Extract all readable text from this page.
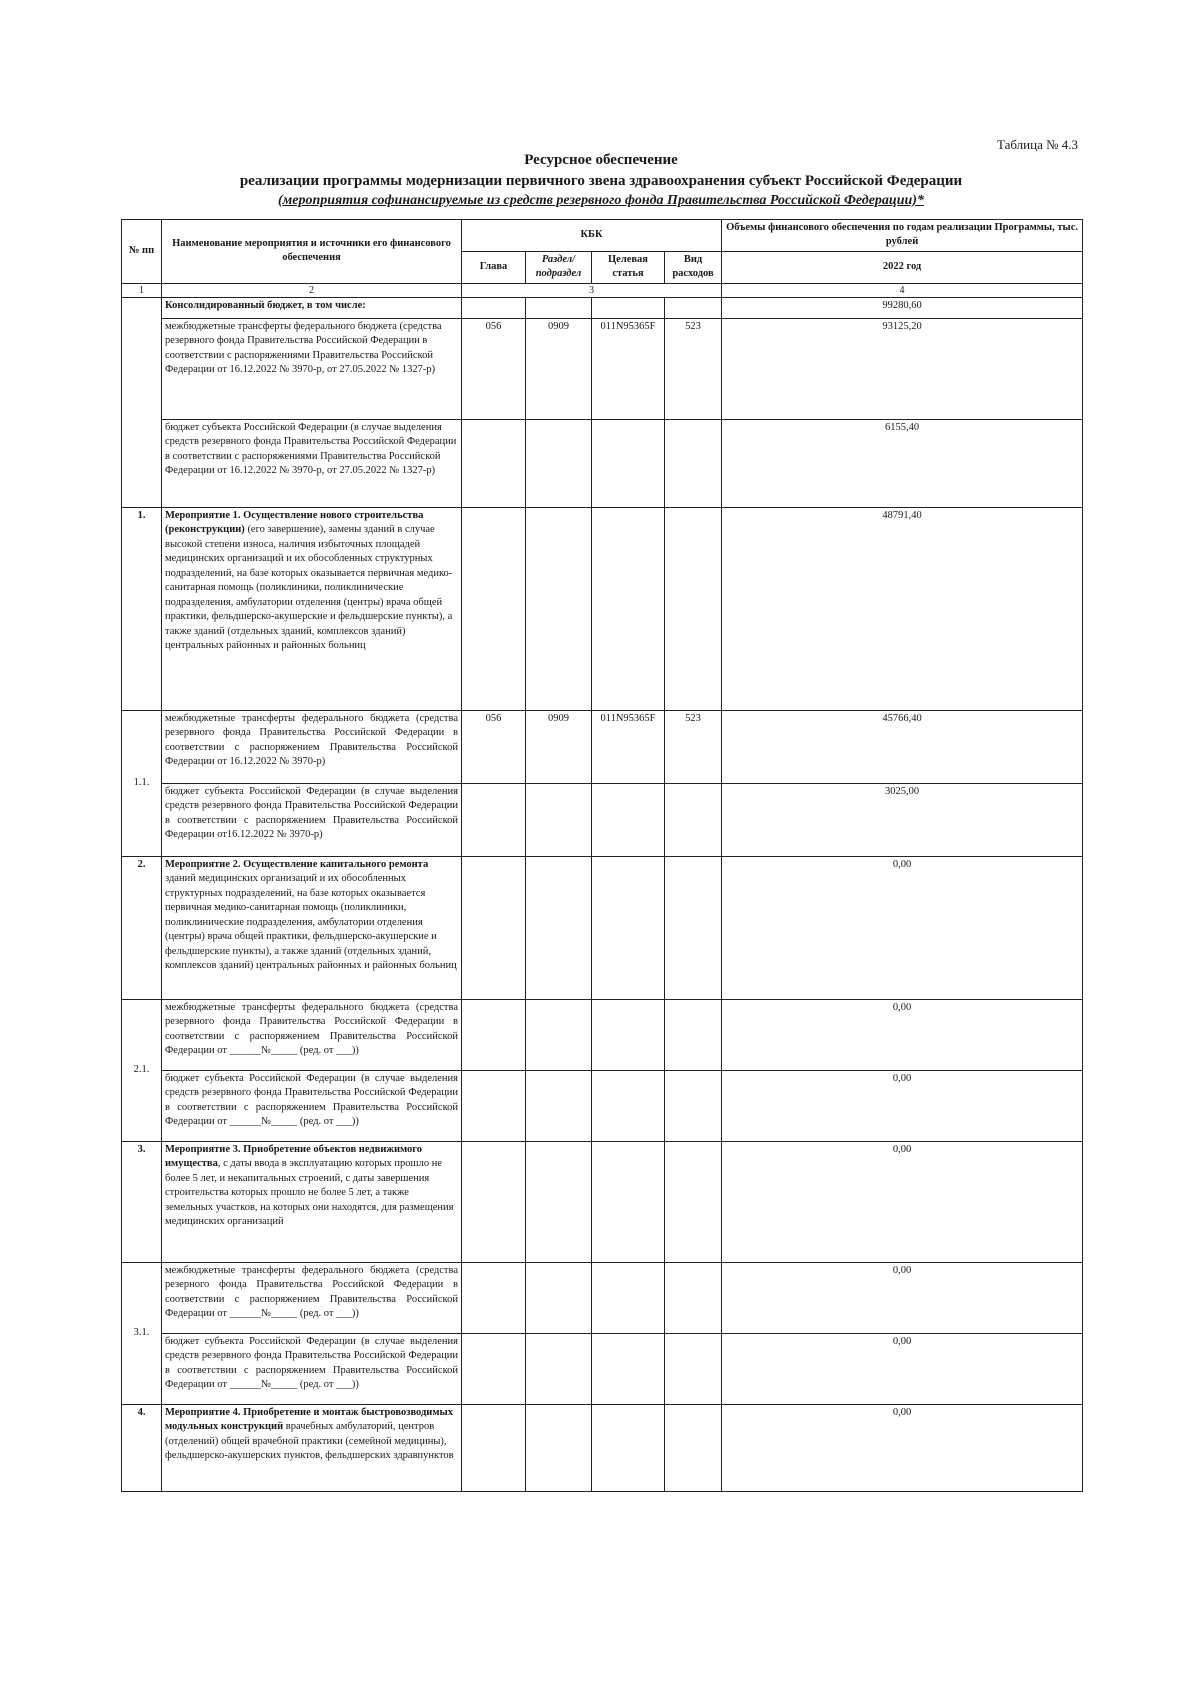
Таблица № 4.3
Ресурсное обеспечение
реализации программы модернизации первичного звена здравоохранения субъект Российской Федерации
(мероприятия софинансируемые из средств резервного фонда Правительства Российской Федерации)*
№ пп	Наименование мероприятия и источники его финансового обеспечения	КБК				Объемы финансового обеспечения по годам реализации Программы, тыс. рублей
		Глава	Раздел/ подраздел	Целевая статья	Вид расходов	2022 год
1	2	3				4
	Консолидированный бюджет, в том числе:					99280,60
	межбюджетные трансферты федерального бюджета (средства резервного фонда Правительства Российской Федерации в соответствии с распоряжениями Правительства Российской Федерации от 16.12.2022 № 3970-р, от 27.05.2022 № 1327-р)	056	0909	011N95365F	523	93125,20
	бюджет субъекта Российской Федерации (в случае выделения средств резервного фонда Правительства Российской Федерации в соответствии с распоряжениями Правительства Российской Федерации от 16.12.2022 № 3970-р, от 27.05.2022 № 1327-р)					6155,40
1.	Мероприятие 1. Осуществление нового строительства (реконструкции) (его завершение), замены зданий в случае высокой степени износа, наличия избыточных площадей медицинских организаций и их обособленных структурных подразделений, на базе которых оказывается первичная медико-санитарная помощь (поликлиники, поликлинические подразделения, амбулатории отделения (центры) врача общей практики, фельдшерско-акушерские и фельдшерские пункты), а также зданий (отдельных зданий, комплексов зданий) центральных районных и районных больниц					48791,40
1.1.	межбюджетные трансферты федерального бюджета (средства резервного фонда Правительства Российской Федерации в соответствии с распоряжением Правительства Российской Федерации от 16.12.2022 № 3970-р)	056	0909	011N95365F	523	45766,40
	бюджет субъекта Российской Федерации (в случае выделения средств резервного фонда Правительства Российской Федерации в соответствии с распоряжением Правительства Российской Федерации от16.12.2022 № 3970-р)					3025,00
2.	Мероприятие 2. Осуществление капитального ремонта зданий медицинских организаций и их обособленных структурных подразделений, на базе которых оказывается первичная медико-санитарная помощь (поликлиники, поликлинические подразделения, амбулатории отделения (центры) врача общей практики, фельдшерско-акушерские и фельдшерские пункты), а также зданий (отдельных зданий, комплексов зданий) центральных районных и районных больниц					0,00
2.1.	межбюджетные трансферты федерального бюджета (средства резервного фонда Правительства Российской Федерации в соответствии с распоряжением Правительства Российской Федерации от ______№_____ (ред. от ___))					0,00
	бюджет субъекта Российской Федерации (в случае выделения средств резервного фонда Правительства Российской Федерации в соответствии с распоряжением Правительства Российской Федерации от ______№_____ (ред. от ___))					0,00
3.	Мероприятие 3. Приобретение объектов недвижимого имущества, с даты ввода в эксплуатацию которых прошло не более 5 лет, и некапитальных строений, с даты завершения строительства которых прошло не более 5 лет, а также земельных участков, на которых они находятся, для размещения медицинских организаций					0,00
3.1.	межбюджетные трансферты федерального бюджета (средства резерного фонда Правительства Российской Федерации в соответствии с распоряжением Правительства Российской Федерации от ______№_____ (ред. от ___))					0,00
	бюджет субъекта Российской Федерации (в случае выделения средств резервного фонда Правительства Российской Федерации в соответствии с распоряжением Правительства Российской Федерации от ______№_____ (ред. от ___))					0,00
4.	Мероприятие 4. Приобретение и монтаж быстровозводимых модульных конструкций врачебных амбулаторий, центров (отделений) общей врачебной практики (семейной медицины), фельдшерско-акушерских пунктов, фельдшерских здравпунктов					0,00
